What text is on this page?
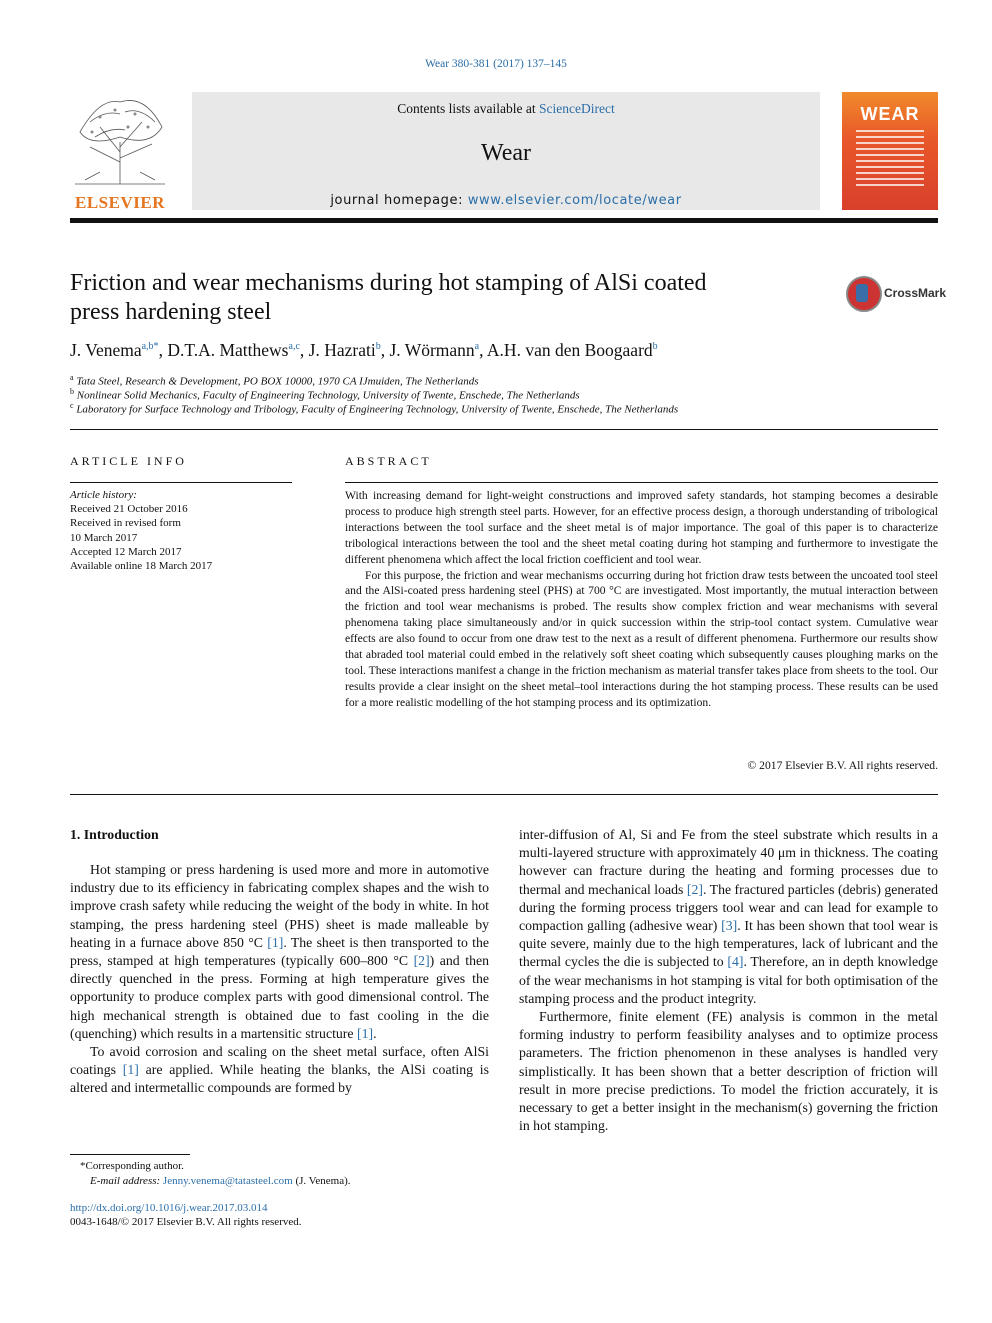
Wear 380-381 (2017) 137–145
ELSEVIER
Contents lists available at ScienceDirect
Wear
journal homepage: www.elsevier.com/locate/wear
WEAR
Friction and wear mechanisms during hot stamping of AlSi coated
press hardening steel
CrossMark
J. Venema$^{a,b*}$, D.T.A. Matthews$^{a,c}$, J. Hazrati$^b$, J. Wörmann$^a$, A.H. van den Boogaard$^b$
$^a$ Tata Steel, Research & Development, PO BOX 10000, 1970 CA IJmuiden, The Netherlands
$^b$ Nonlinear Solid Mechanics, Faculty of Engineering Technology, University of Twente, Enschede, The Netherlands
$^c$ Laboratory for Surface Technology and Tribology, Faculty of Engineering Technology, University of Twente, Enschede, The Netherlands
ARTICLE INFO
Article history:
Received 21 October 2016
Received in revised form
10 March 2017
Accepted 12 March 2017
Available online 18 March 2017
ABSTRACT

With increasing demand for light-weight constructions and improved safety standards, hot stamping becomes a desirable process to produce high strength steel parts. However, for an effective process design, a thorough understanding of tribological interactions between the tool surface and the sheet metal is of major importance. The goal of this paper is to characterize tribological interactions between the tool and the sheet metal coating during hot stamping and furthermore to investigate the different phenomena which affect the local friction coefficient and tool wear.

For this purpose, the friction and wear mechanisms occurring during hot friction draw tests between the uncoated tool steel and the AlSi-coated press hardening steel (PHS) at 700 °C are investigated. Most importantly, the mutual interaction between the friction and tool wear mechanisms is probed. The results show complex friction and wear mechanisms with several phenomena taking place simultaneously and/or in quick succession within the strip-tool contact system. Cumulative wear effects are also found to occur from one draw test to the next as a result of different phenomena. Furthermore our results show that abraded tool material could embed in the relatively soft sheet coating which subsequently causes ploughing marks on the tool. These interactions manifest a change in the friction mechanism as material transfer takes place from sheets to the tool. Our results provide a clear insight on the sheet metal–tool interactions during the hot stamping process. These results can be used for a more realistic modelling of the hot stamping process and its optimization.

© 2017 Elsevier B.V. All rights reserved.
1. Introduction

Hot stamping or press hardening is used more and more in automotive industry due to its efficiency in fabricating complex shapes and the wish to improve crash safety while reducing the weight of the body in white. In hot stamping, the press hardening steel (PHS) sheet is made malleable by heating in a furnace above 850 °C [1]. The sheet is then transported to the press, stamped at high temperatures (typically 600–800 °C [2]) and then directly quenched in the press. Forming at high temperature gives the opportunity to produce complex parts with good dimensional control. The high mechanical strength is obtained due to fast cooling in the die (quenching) which results in a martensitic structure [1].

To avoid corrosion and scaling on the sheet metal surface, often AlSi coatings [1] are applied. While heating the blanks, the AlSi coating is altered and intermetallic compounds are formed by

inter-diffusion of Al, Si and Fe from the steel substrate which results in a multi-layered structure with approximately 40 μm in thickness. The coating however can fracture during the heating and forming processes due to thermal and mechanical loads [2]. The fractured particles (debris) generated during the forming process triggers tool wear and can lead for example to compaction galling (adhesive wear) [3]. It has been shown that tool wear is quite severe, mainly due to the high temperatures, lack of lubricant and the thermal cycles the die is subjected to [4]. Therefore, an in depth knowledge of the wear mechanisms in hot stamping is vital for both optimisation of the stamping process and the product integrity.

Furthermore, finite element (FE) analysis is common in the metal forming industry to perform feasibility analyses and to optimize process parameters. The friction phenomenon in these analyses is handled very simplistically. It has been shown that a better description of friction will result in more precise predictions. To model the friction accurately, it is necessary to get a better insight in the mechanism(s) governing the friction in hot stamping.

*Corresponding author.
E-mail address: Jenny.venema@tatasteel.com (J. Venema).
http://dx.doi.org/10.1016/j.wear.2017.03.014
0043-1648/© 2017 Elsevier B.V. All rights reserved.
